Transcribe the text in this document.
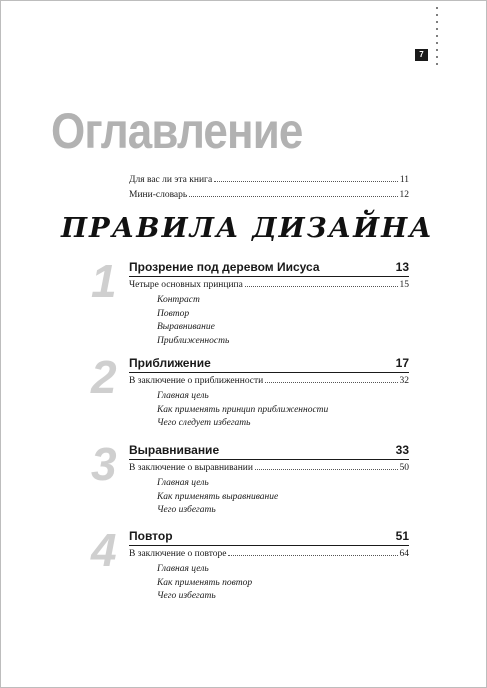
7
Оглавление
Для вас ли эта книга	11
Мини-словарь	12
ПРАВИЛА ДИЗАЙНА
1 Прозрение под деревом Иисуса	13
Четыре основных принципа	15
Контраст
Повтор
Выравнивание
Приближенность
2 Приближение	17
В заключение о приближенности	32
Главная цель
Как применять принцип приближенности
Чего следует избегать
3 Выравнивание	33
В заключение о выравнивании	50
Главная цель
Как применять выравнивание
Чего избегать
4 Повтор	51
В заключение о повторе	64
Главная цель
Как применять повтор
Чего избегать
